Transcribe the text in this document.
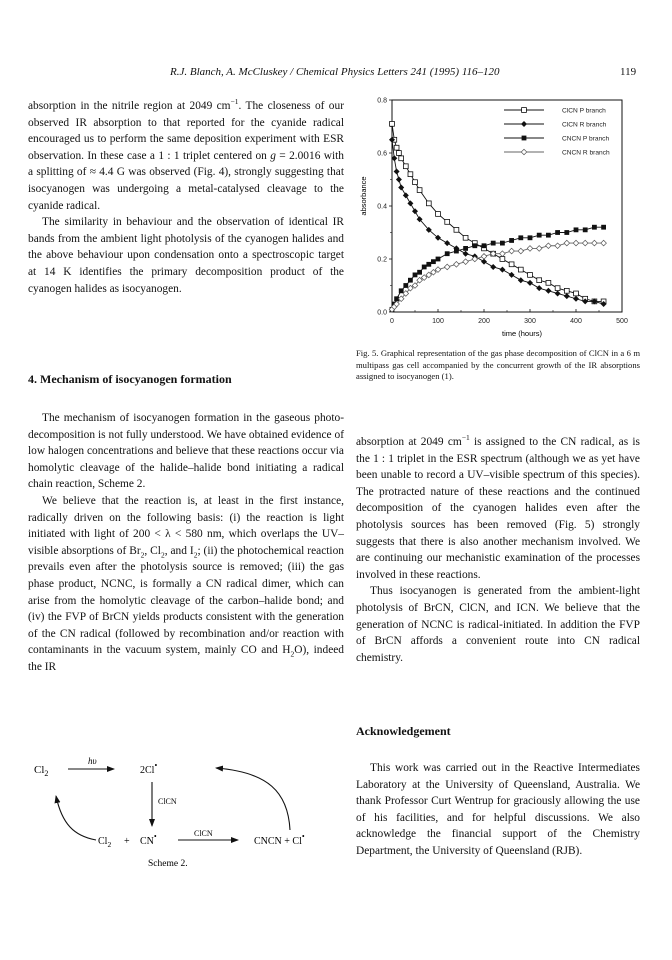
R.J. Blanch, A. McCluskey / Chemical Physics Letters 241 (1995) 116–120	119

absorption in the nitrile region at 2049 $cm^{-1}$. The closeness of our observed IR absorption to that reported for the cyanide radical encouraged us to perform the same deposition experiment with ESR observation. In these case a 1 : 1 triplet centered on g = 2.0016 with a splitting of ≈ 4.4 G was observed (Fig. 4), strongly suggesting that isocyanogen was undergoing a metal-catalysed cleavage to the cyanide radical.

The similarity in behaviour and the observation of identical IR bands from the ambient light photolysis of the cyanogen halides and the above behaviour upon condensation onto a spectroscopic target at 14 K identifies the primary decomposition product of the cyanogen halides as isocyanogen.

4. Mechanism of isocyanogen formation

The mechanism of isocyanogen formation in the gaseous photo-decomposition is not fully understood. We have obtained evidence of low halogen concentrations and believe that these reactions occur via homolytic cleavage of the halide–halide bond initiating a radical chain reaction, Scheme 2.

We believe that the reaction is, at least in the first instance, radically driven on the following basis: (i) the reaction is light initiated with light of 200 < λ < 580 nm, which overlaps the UV–visible absorptions of $Br_2$, $Cl_2$, and $I_2$; (ii) the photochemical reaction prevails even after the photolysis source is removed; (iii) the gas phase product, NCNC, is formally a CN radical dimer, which can arise from the homolytic cleavage of the carbon–halide bond; and (iv) the FVP of BrCN yields products consistent with the generation of the CN radical (followed by recombination and/or reaction with contaminants in the vacuum system, mainly CO and $H_2O$), indeed the IR

0	100	200	300	400	500
0.0
0.2
0.4
0.6
0.8
time (hours)
absorbance
ClCN P branch
ClCN R branch
CNCN P branch
CNCN R branch
Fig. 5. Graphical representation of the gas phase decomposition of ClCN in a 6 m multipass gas cell accompanied by the concurrent growth of the IR absorptions assigned to isocyanogen (1).

absorption at 2049 $cm^{-1}$ is assigned to the CN radical, as is the 1 : 1 triplet in the ESR spectrum (although we as yet have been unable to record a UV–visible spectrum of this species). The protracted nature of these reactions and the continued decomposition of the cyanogen halides even after the photolysis sources has been removed (Fig. 5) strongly suggests that there is also another mechanism involved. We are continuing our mechanistic examination of the processes involved in these reactions.

Thus isocyanogen is generated from the ambient-light photolysis of BrCN, ClCN, and ICN. We believe that the generation of NCNC is radical-initiated. In addition the FVP of BrCN affords a convenient route into CN radical chemistry.

Acknowledgement

This work was carried out in the Reactive Intermediates Laboratory at the University of Queensland, Australia. We thank Professor Curt Wentrup for graciously allowing the use of his facilities, and for helpful discussions. We also acknowledge the financial support of the Chemistry Department, the University of Queensland (RJB).

$Cl_2$
hυ
2Cl•
ClCN
$Cl_2 + CN^•$	ClCN
CNCN + Cl•
Scheme 2.
